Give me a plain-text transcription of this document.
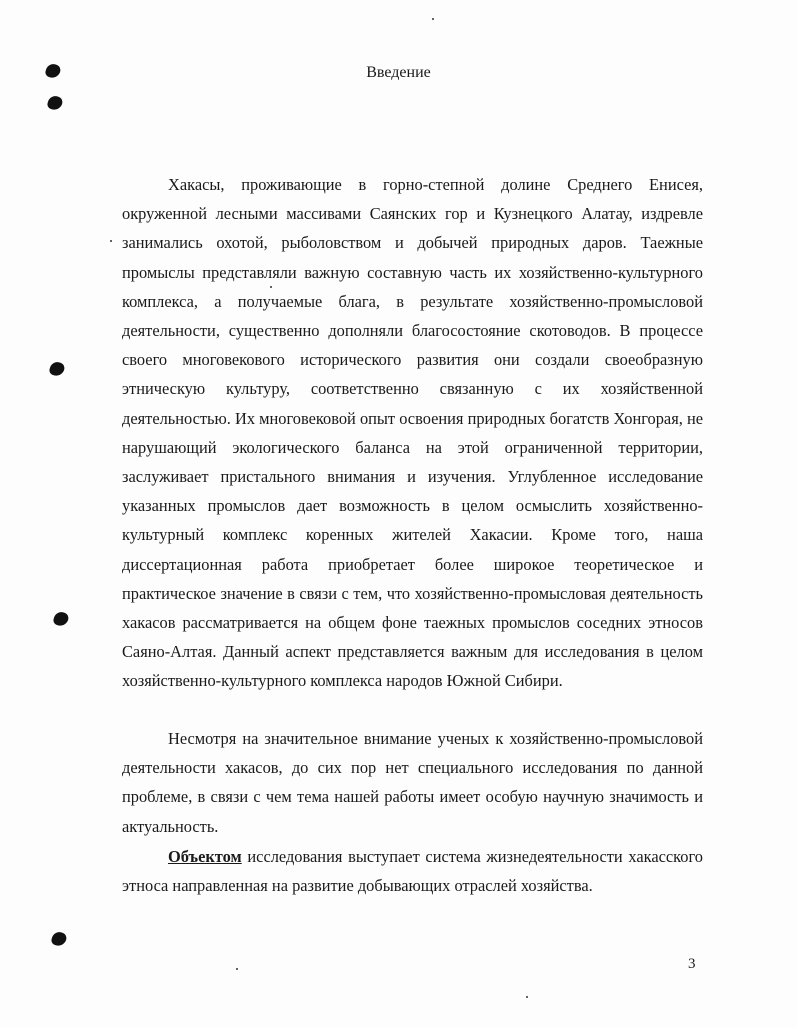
Введение

Хакасы, проживающие в горно-степной долине Среднего Енисея, окруженной лесными массивами Саянских гор и Кузнецкого Алатау, издревле занимались охотой, рыболовством и добычей природных даров. Таежные промыслы представляли важную составную часть их хозяйственно-культурного комплекса, а получаемые блага, в результате хозяйственно-промысловой деятельности, существенно дополняли благосостояние скотоводов. В процессе своего многовекового исторического развития они создали своеобразную этническую культуру, соответственно связанную с их хозяйственной деятельностью. Их многовековой опыт освоения природных богатств Хонгорая, не нарушающий экологического баланса на этой ограниченной территории, заслуживает пристального внимания и изучения. Углубленное исследование указанных промыслов дает возможность в целом осмыслить хозяйственно-культурный комплекс коренных жителей Хакасии. Кроме того, наша диссертационная работа приобретает более широкое теоретическое и практическое значение в связи с тем, что хозяйственно-промысловая деятельность хакасов рассматривается на общем фоне таежных промыслов соседних этносов Саяно-Алтая. Данный аспект представляется важным для исследования в целом хозяйственно-культурного комплекса народов Южной Сибири.

Несмотря на значительное внимание ученых к хозяйственно-промысловой деятельности хакасов, до сих пор нет специального исследования по данной проблеме, в связи с чем тема нашей работы имеет особую научную значимость и актуальность.

Объектом исследования выступает система жизнедеятельности хакасского этноса направленная на развитие добывающих отраслей хозяйства.

3
